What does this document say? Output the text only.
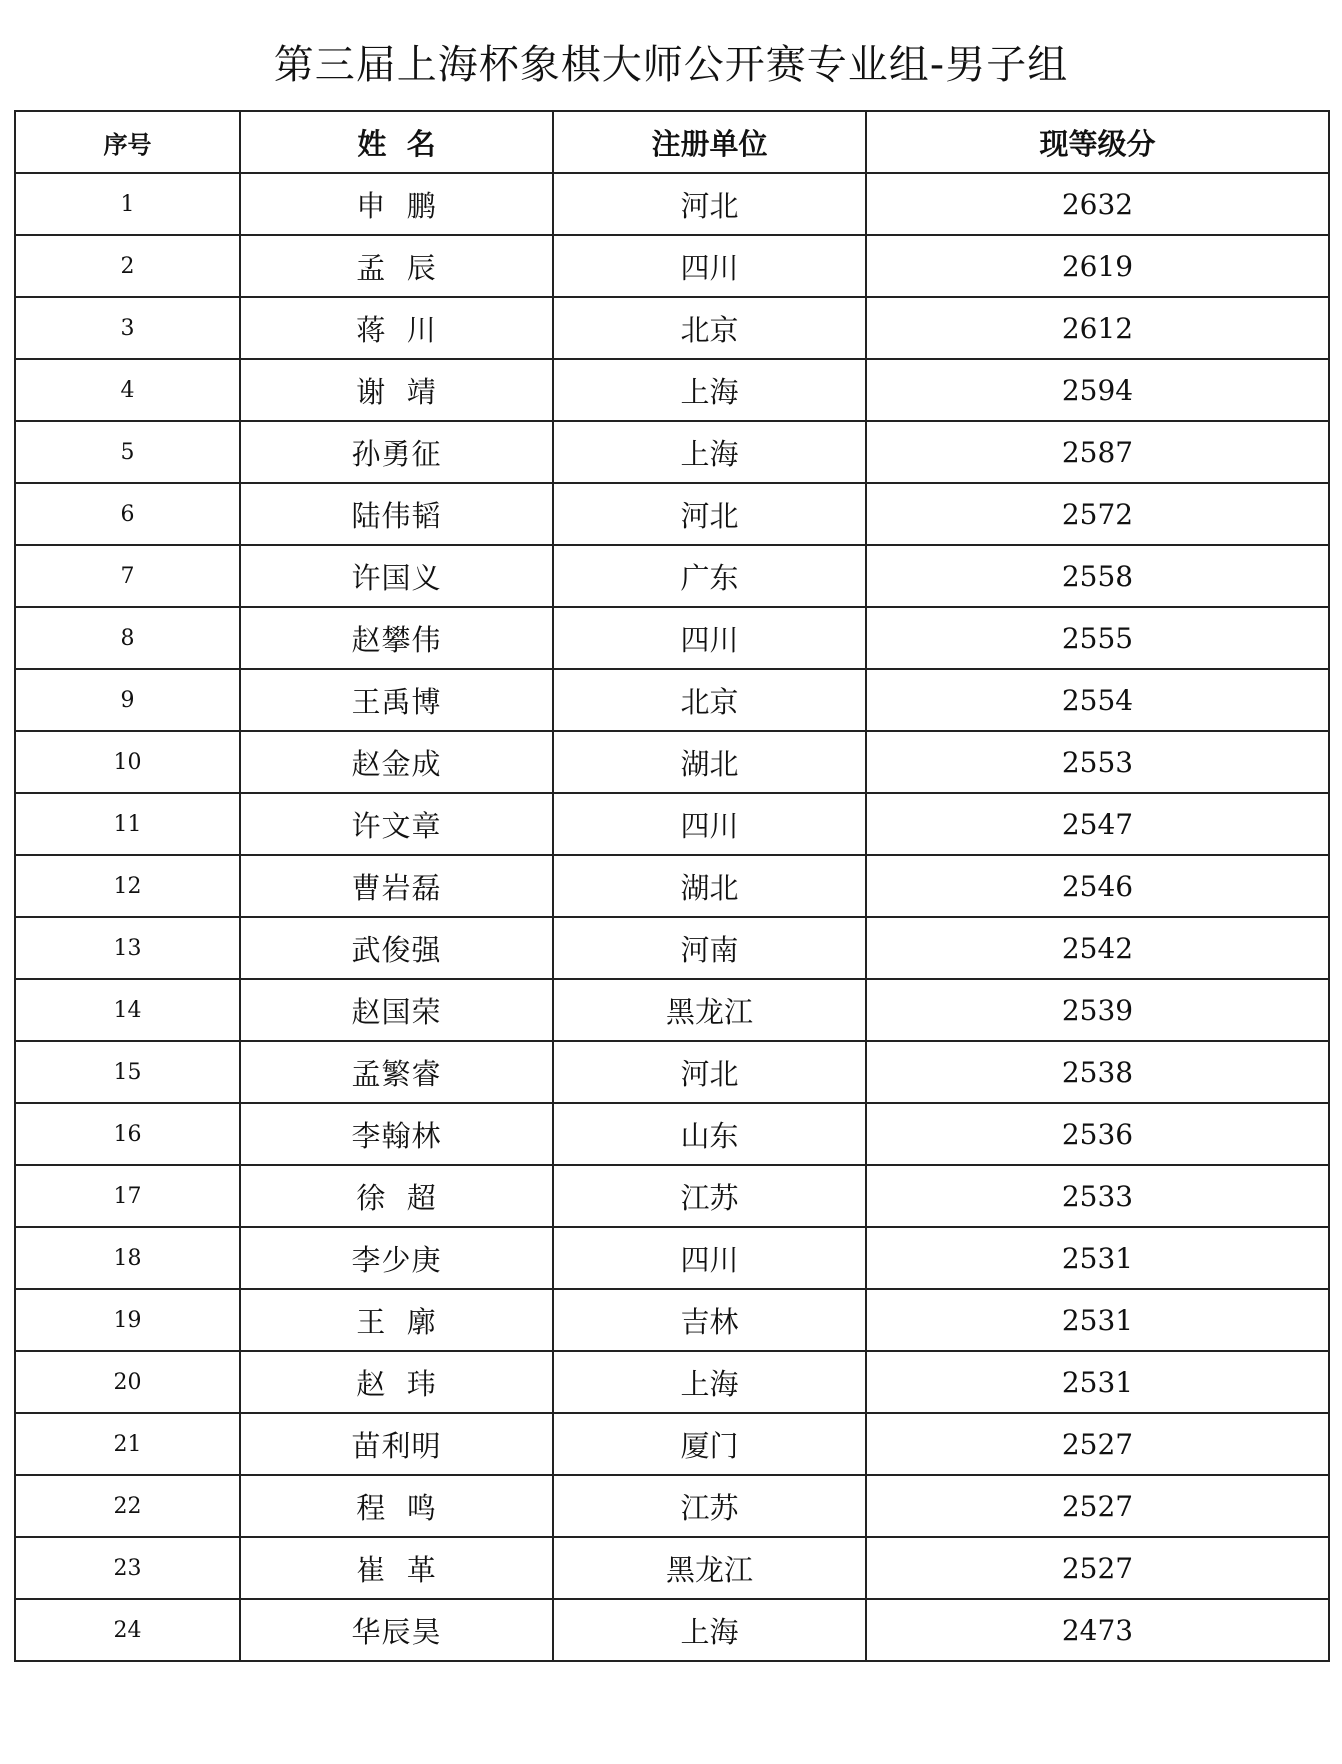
第三届上海杯象棋大师公开赛专业组-男子组
序号	姓  名	注册单位	现等级分
1	申  鹏	河北	2632
2	孟  辰	四川	2619
3	蒋  川	北京	2612
4	谢  靖	上海	2594
5	孙勇征	上海	2587
6	陆伟韬	河北	2572
7	许国义	广东	2558
8	赵攀伟	四川	2555
9	王禹博	北京	2554
10	赵金成	湖北	2553
11	许文章	四川	2547
12	曹岩磊	湖北	2546
13	武俊强	河南	2542
14	赵国荣	黑龙江	2539
15	孟繁睿	河北	2538
16	李翰林	山东	2536
17	徐  超	江苏	2533
18	李少庚	四川	2531
19	王  廓	吉林	2531
20	赵  玮	上海	2531
21	苗利明	厦门	2527
22	程  鸣	江苏	2527
23	崔  革	黑龙江	2527
24	华辰昊	上海	2473
